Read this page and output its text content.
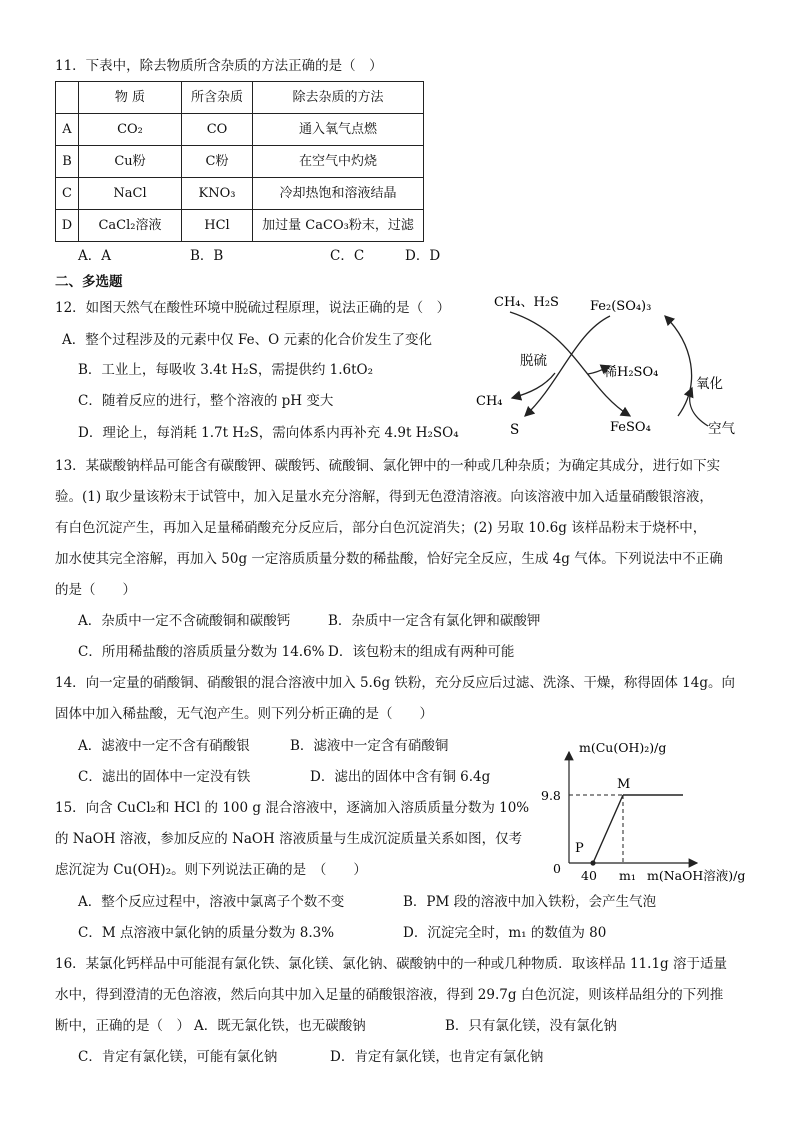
11．下表中，除去物质所含杂质的方法正确的是（　）
	物 质	所含杂质	除去杂质的方法
A	CO₂	CO	通入氧气点燃
B	Cu粉	C粉	在空气中灼烧
C	NaCl	KNO₃	冷却热饱和溶液结晶
D	CaCl₂溶液	HCl	加过量 CaCO₃粉末，过滤
A．A	B．B	C．C	D．D
二、多选题
12．如图天然气在酸性环境中脱硫过程原理，说法正确的是（　）
A．整个过程涉及的元素中仅 Fe、O 元素的化合价发生了变化
B．工业上，每吸收 3.4t H₂S，需提供约 1.6tO₂
C．随着反应的进行，整个溶液的 pH 变大
D．理论上，每消耗 1.7t H₂S，需向体系内再补充 4.9t H₂SO₄
CH₄、H₂S Fe₂(SO₄)₃
脱硫
稀H₂SO₄
氧化
CH₄
FeSO₄
S	空气
13．某碳酸钠样品可能含有碳酸钾、碳酸钙、硫酸铜、氯化钾中的一种或几种杂质；为确定其成分，进行如下实
验。(1) 取少量该粉末于试管中，加入足量水充分溶解，得到无色澄清溶液。向该溶液中加入适量硝酸银溶液，
有白色沉淀产生，再加入足量稀硝酸充分反应后，部分白色沉淀消失；(2) 另取 10.6g 该样品粉末于烧杯中，
加水使其完全溶解，再加入 50g 一定溶质质量分数的稀盐酸，恰好完全反应，生成 4g 气体。下列说法中不正确
的是（　　）
A．杂质中一定不含硫酸铜和碳酸钙	B．杂质中一定含有氯化钾和碳酸钾
C．所用稀盐酸的溶质质量分数为 14.6% D．该包粉末的组成有两种可能
14．向一定量的硝酸铜、硝酸银的混合溶液中加入 5.6g 铁粉，充分反应后过滤、洗涤、干燥，称得固体 14g。向
固体中加入稀盐酸，无气泡产生。则下列分析正确的是（　　）
A．滤液中一定不含有硝酸银	B．滤液中一定含有硝酸铜
C．滤出的固体中一定没有铁	D．滤出的固体中含有铜 6.4g
15．向含 CuCl₂和 HCl 的 100 g 混合溶液中，逐滴加入溶质质量分数为 10%
的 NaOH 溶液，参加反应的 NaOH 溶液质量与生成沉淀质量关系如图，仅考
虑沉淀为 Cu(OH)₂。则下列说法正确的是　（　　）
A．整个反应过程中，溶液中氯离子个数不变	B．PM 段的溶液中加入铁粉，会产生气泡
C．M 点溶液中氯化钠的质量分数为 8.3%	D．沉淀完全时，m₁ 的数值为 80
m(Cu(OH)₂)/g
m(NaOH溶液)/g
0
9.8
40 m₁
P
M
16．某氯化钙样品中可能混有氯化铁、氯化镁、氯化钠、碳酸钠中的一种或几种物质．取该样品 11.1g 溶于适量
水中，得到澄清的无色溶液，然后向其中加入足量的硝酸银溶液，得到 29.7g 白色沉淀，则该样品组分的下列推
断中，正确的是（　） A．既无氯化铁，也无碳酸钠	B．只有氯化镁，没有氯化钠
C．肯定有氯化镁，可能有氯化钠	D．肯定有氯化镁，也肯定有氯化钠
